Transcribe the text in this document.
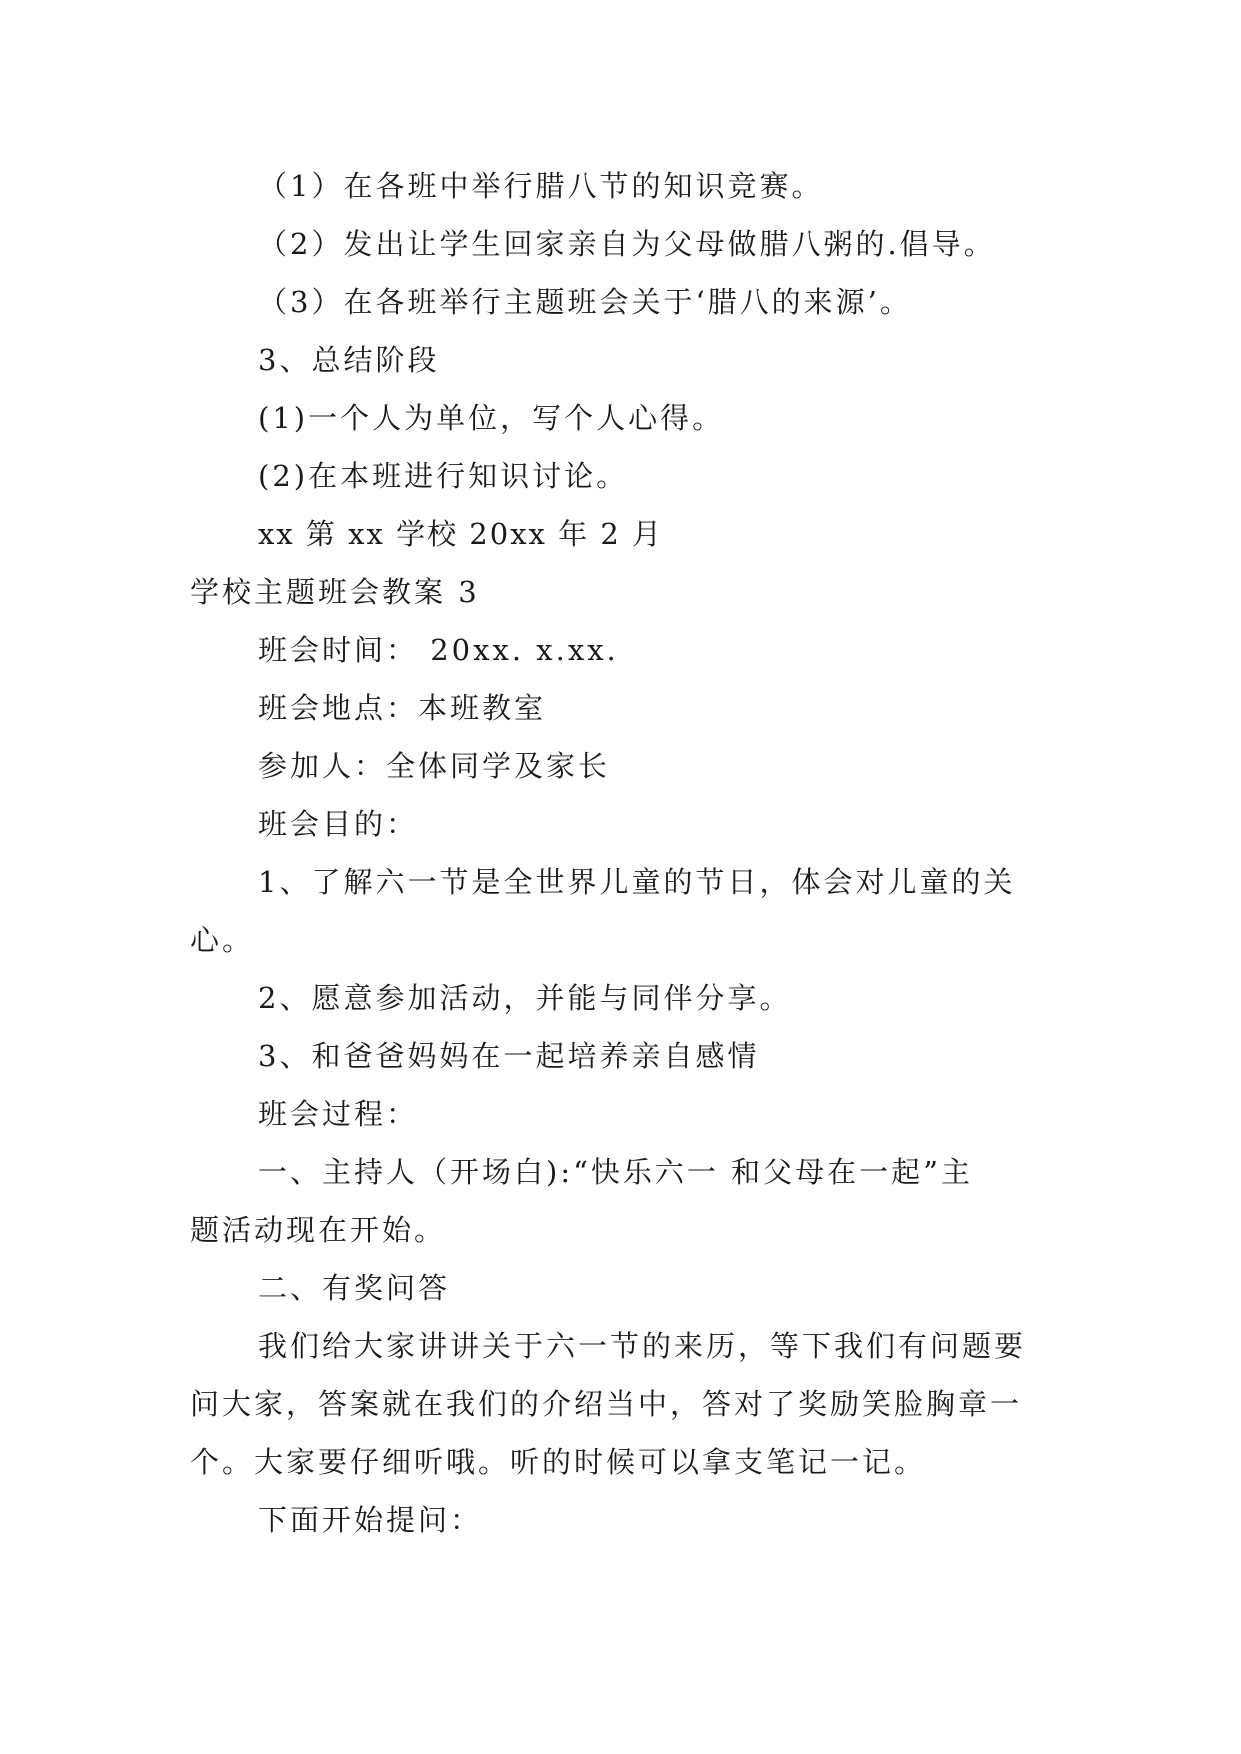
（1）在各班中举行腊八节的知识竞赛。
（2）发出让学生回家亲自为父母做腊八粥的.倡导。
（3）在各班举行主题班会关于‘腊八的来源’。
3、总结阶段
(1)一个人为单位，写个人心得。
(2)在本班进行知识讨论。
xx 第 xx 学校 20xx 年 2 月
学校主题班会教案 3
班会时间： 20xx. x.xx.
班会地点：本班教室
参加人：全体同学及家长
班会目的：
1、了解六一节是全世界儿童的节日，体会对儿童的关
心。
2、愿意参加活动，并能与同伴分享。
3、和爸爸妈妈在一起培养亲自感情
班会过程：
一、主持人（开场白):“快乐六一 和父母在一起”主
题活动现在开始。
二、有奖问答
我们给大家讲讲关于六一节的来历，等下我们有问题要
问大家，答案就在我们的介绍当中，答对了奖励笑脸胸章一
个。大家要仔细听哦。听的时候可以拿支笔记一记。
下面开始提问：
